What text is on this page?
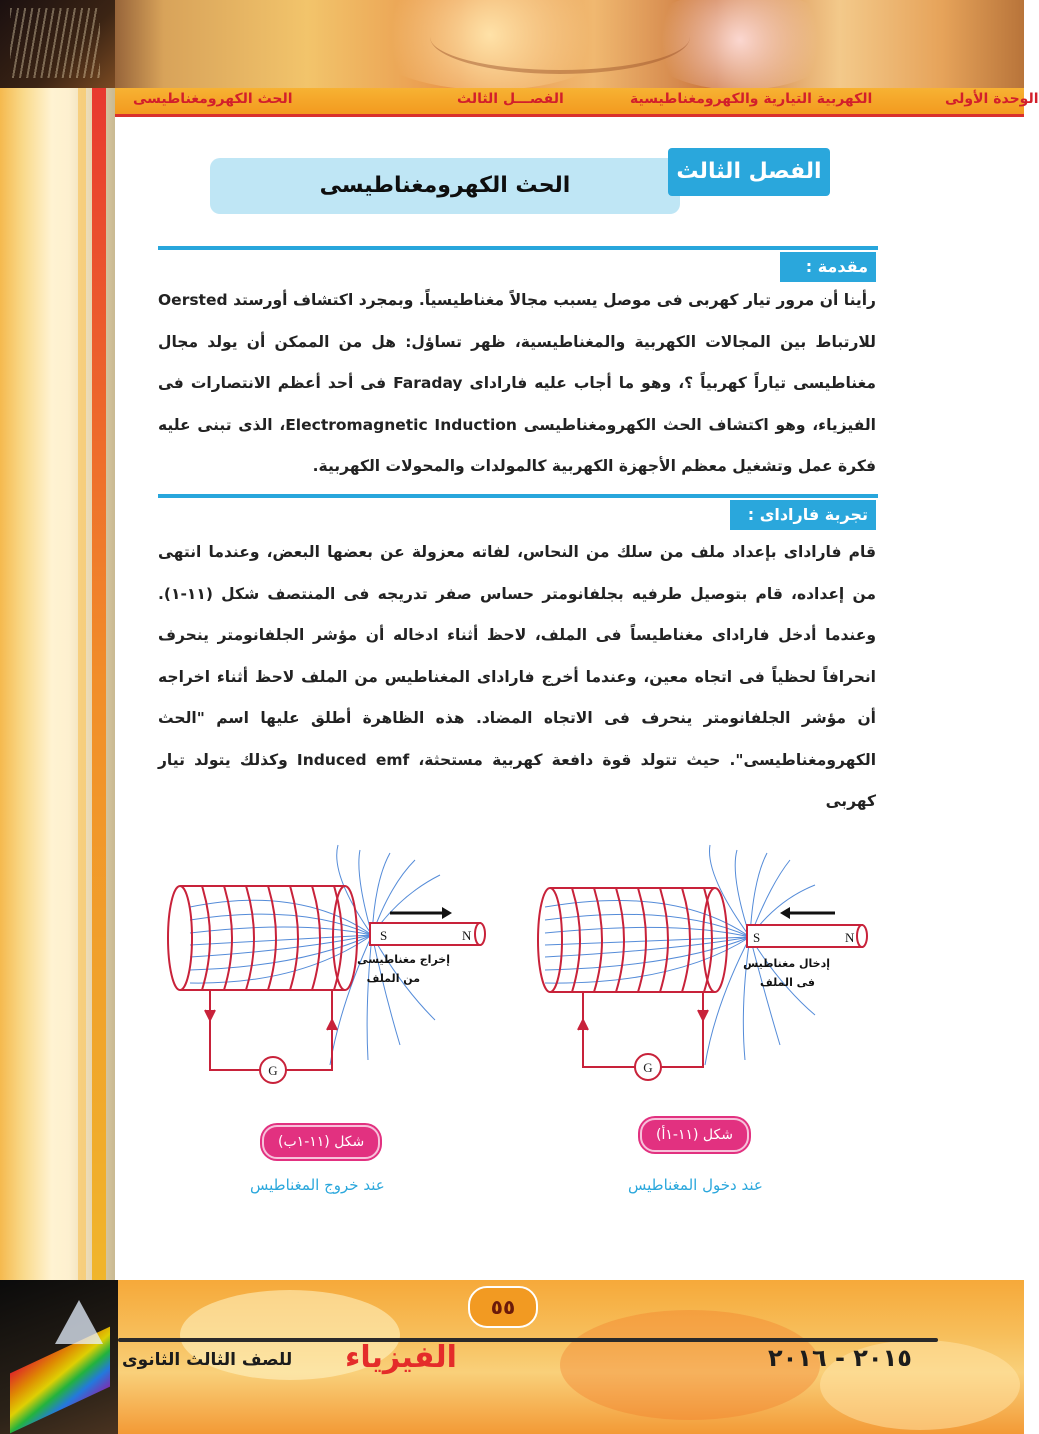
الوحدة الأولى
الكهربية التيارية والكهرومغناطيسية
الفصـــل الثالث
الحث الكهرومغناطيسى
الحث الكهرومغناطيسى
الفصل الثالث
مقدمة :
رأينا أن مرور تيار كهربى فى موصل يسبب مجالاً مغناطيسياً. وبمجرد اكتشاف أورستد Oersted للارتباط بين المجالات الكهربية والمغناطيسية، ظهر تساؤل: هل من الممكن أن يولد مجال مغناطيسى تياراً كهربياً ؟، وهو ما أجاب عليه فاراداى Faraday فى أحد أعظم الانتصارات فى الفيزياء، وهو اكتشاف الحث الكهرومغناطيسى Electromagnetic Induction، الذى تبنى عليه فكرة عمل وتشغيل معظم الأجهزة الكهربية كالمولدات والمحولات الكهربية.
تجربة فاراداى :
قام فاراداى بإعداد ملف من سلك من النحاس، لفاته معزولة عن بعضها البعض، وعندما انتهى من إعداده، قام بتوصيل طرفيه بجلفانومتر حساس صفر تدريجه فى المنتصف شكل (١١-١). وعندما أدخل فاراداى مغناطيساً فى الملف، لاحظ أثناء ادخاله أن مؤشر الجلفانومتر ينحرف انحرافاً لحظياً فى اتجاه معين، وعندما أخرج فاراداى المغناطيس من الملف لاحظ أثناء اخراجه أن مؤشر الجلفانومتر ينحرف فى الاتجاه المضاد. هذه الظاهرة أطلق عليها اسم "الحث الكهرومغناطيسى". حيث تتولد قوة دافعة كهربية مستحثة، Induced emf وكذلك يتولد تيار كهربى
G
S	N
إخراج مغناطيسى
من الملف
G
S	N
إدخال مغناطيس
فى الملف
شكل (١١-١ب)	شكل (١١-١أ)
عند خروج المغناطيس	عند دخول المغناطيس
٥٥
الفيزياء
للصف الثالث الثانوى	٢٠١٥ - ٢٠١٦
